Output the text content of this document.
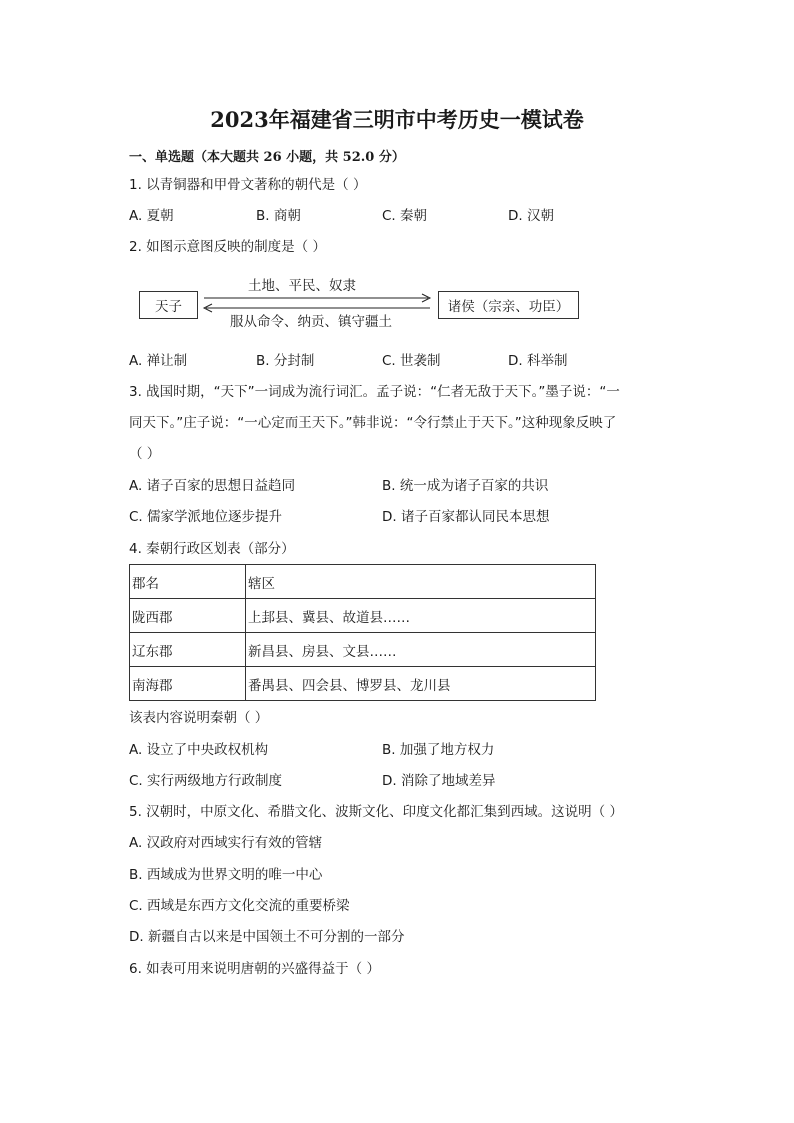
2023年福建省三明市中考历史一模试卷
一、单选题（本大题共 26 小题，共 52.0 分）
1. 以青铜器和甲骨文著称的朝代是（ ）
A. 夏朝	B. 商朝	C. 秦朝	D. 汉朝
2. 如图示意图反映的制度是（ ）
天子	诸侯（宗亲、功臣）
土地、平民、奴隶
服从命令、纳贡、镇守疆土
A. 禅让制	B. 分封制	C. 世袭制	D. 科举制
3. 战国时期，“天下”一词成为流行词汇。孟子说：“仁者无敌于天下。”墨子说：“一
同天下。”庄子说：“一心定而王天下。”韩非说：“令行禁止于天下。”这种现象反映了
（ ）
A. 诸子百家的思想日益趋同	B. 统一成为诸子百家的共识
C. 儒家学派地位逐步提升	D. 诸子百家都认同民本思想
4. 秦朝行政区划表（部分）
郡名	辖区
陇西郡	上邽县、冀县、故道县……
辽东郡	新昌县、房县、文县……
南海郡	番禺县、四会县、博罗县、龙川县
该表内容说明秦朝（ ）
A. 设立了中央政权机构	B. 加强了地方权力
C. 实行两级地方行政制度	D. 消除了地域差异
5. 汉朝时，中原文化、希腊文化、波斯文化、印度文化都汇集到西域。这说明（ ）
A. 汉政府对西域实行有效的管辖
B. 西域成为世界文明的唯一中心
C. 西域是东西方文化交流的重要桥梁
D. 新疆自古以来是中国领土不可分割的一部分
6. 如表可用来说明唐朝的兴盛得益于（ ）
